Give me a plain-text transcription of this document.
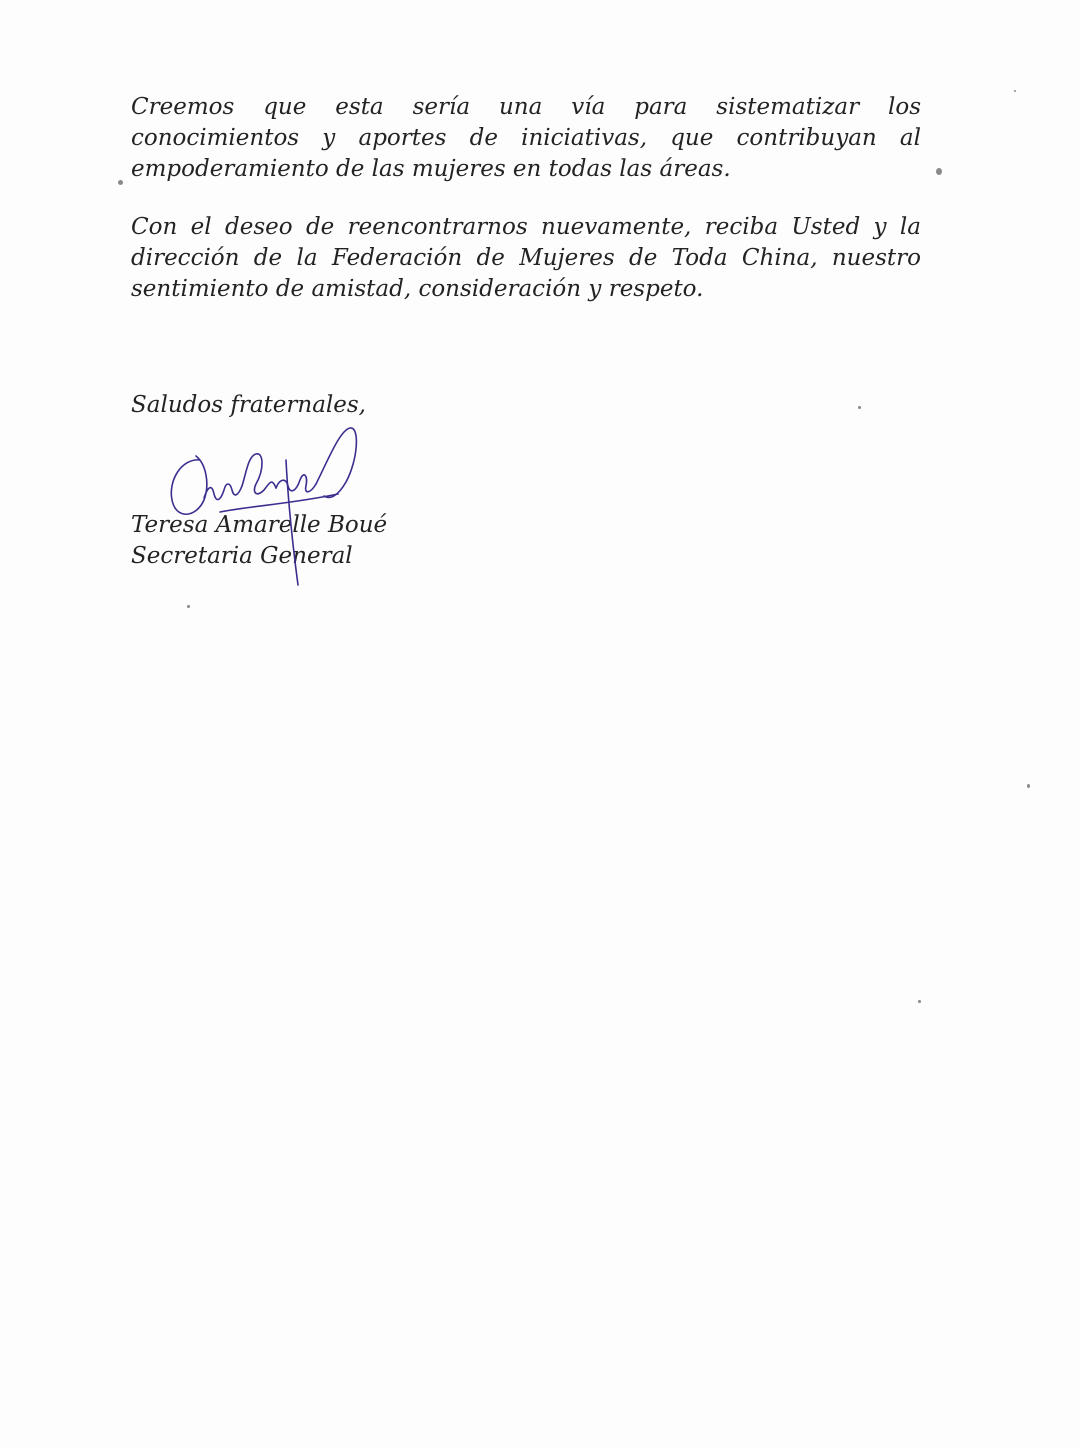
Creemos que esta sería una vía para sistematizar los conocimientos y aportes de iniciativas, que contribuyan al empoderamiento de las mujeres en todas las áreas.

Con el deseo de reencontrarnos nuevamente, reciba Usted y la dirección de la Federación de Mujeres de Toda China, nuestro sentimiento de amistad, consideración y respeto.

Saludos fraternales,

Teresa Amarelle Boué
Secretaria General
